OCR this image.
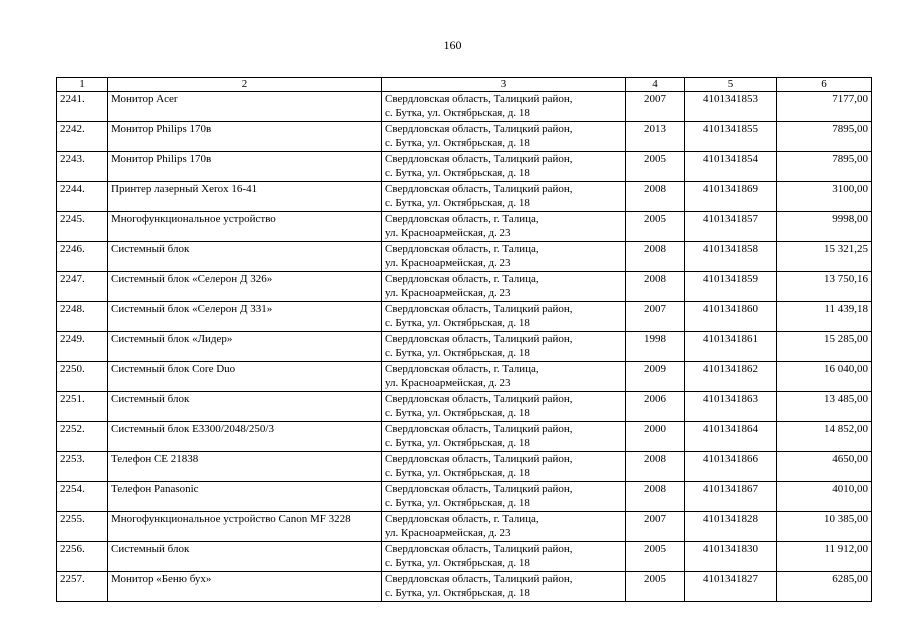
160
1	2	3	4	5	6
2241.	Монитор Acer	Свердловская область, Талицкий район,
с. Бутка, ул. Октябрьская, д. 18	2007	4101341853	7177,00
2242.	Монитор Philips 170в	Свердловская область, Талицкий район,
с. Бутка, ул. Октябрьская, д. 18	2013	4101341855	7895,00
2243.	Монитор Philips 170в	Свердловская область, Талицкий район,
с. Бутка, ул. Октябрьская, д. 18	2005	4101341854	7895,00
2244.	Принтер лазерный Xerox 16-41	Свердловская область, Талицкий район,
с. Бутка, ул. Октябрьская, д. 18	2008	4101341869	3100,00
2245.	Многофункциональное устройство	Свердловская область, г. Талица,
ул. Красноармейская, д. 23	2005	4101341857	9998,00
2246.	Системный блок	Свердловская область, г. Талица,
ул. Красноармейская, д. 23	2008	4101341858	15 321,25
2247.	Системный блок «Селерон Д 326»	Свердловская область, г. Талица,
ул. Красноармейская, д. 23	2008	4101341859	13 750,16
2248.	Системный блок «Селерон Д 331»	Свердловская область, Талицкий район,
с. Бутка, ул. Октябрьская, д. 18	2007	4101341860	11 439,18
2249.	Системный блок «Лидер»	Свердловская область, Талицкий район,
с. Бутка, ул. Октябрьская, д. 18	1998	4101341861	15 285,00
2250.	Системный блок Core Duo	Свердловская область, г. Талица,
ул. Красноармейская, д. 23	2009	4101341862	16 040,00
2251.	Системный блок	Свердловская область, Талицкий район,
с. Бутка, ул. Октябрьская, д. 18	2006	4101341863	13 485,00
2252.	Системный блок E3300/2048/250/3	Свердловская область, Талицкий район,
с. Бутка, ул. Октябрьская, д. 18	2000	4101341864	14 852,00
2253.	Телефон CE 21838	Свердловская область, Талицкий район,
с. Бутка, ул. Октябрьская, д. 18	2008	4101341866	4650,00
2254.	Телефон Panasonic	Свердловская область, Талицкий район,
с. Бутка, ул. Октябрьская, д. 18	2008	4101341867	4010,00
2255.	Многофункциональное устройство Canon MF 3228	Свердловская область, г. Талица,
ул. Красноармейская, д. 23	2007	4101341828	10 385,00
2256.	Системный блок	Свердловская область, Талицкий район,
с. Бутка, ул. Октябрьская, д. 18	2005	4101341830	11 912,00
2257.	Монитор «Беню бух»	Свердловская область, Талицкий район,
с. Бутка, ул. Октябрьская, д. 18	2005	4101341827	6285,00
